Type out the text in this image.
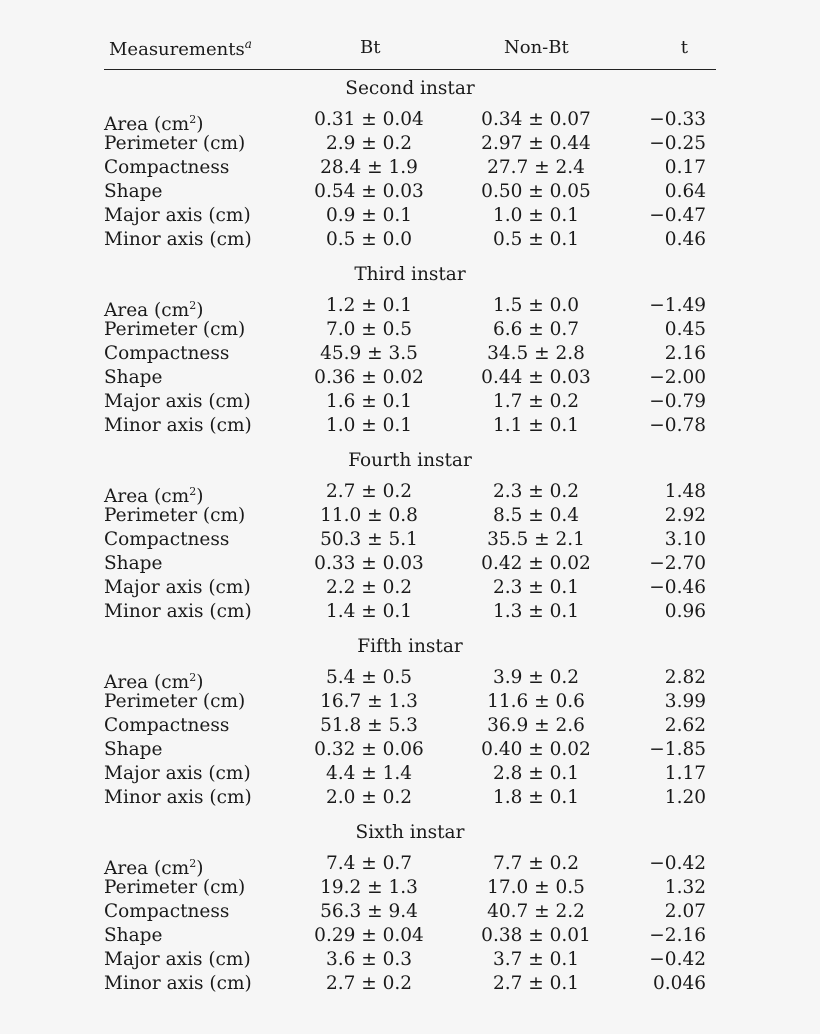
Measurements$^a$	Bt	Non-Bt	t
Second instar
Area $(cm^2)$	0.31 ± 0.04	0.34 ± 0.07	−0.33
Perimeter (cm)	2.9 ± 0.2	2.97 ± 0.44	−0.25
Compactness	28.4 ± 1.9	27.7 ± 2.4	0.17
Shape	0.54 ± 0.03	0.50 ± 0.05	0.64
Major axis (cm)	0.9 ± 0.1	1.0 ± 0.1	−0.47
Minor axis (cm)	0.5 ± 0.0	0.5 ± 0.1	0.46
Third instar
Area $(cm^2)$	1.2 ± 0.1	1.5 ± 0.0	−1.49
Perimeter (cm)	7.0 ± 0.5	6.6 ± 0.7	0.45
Compactness	45.9 ± 3.5	34.5 ± 2.8	2.16
Shape	0.36 ± 0.02	0.44 ± 0.03	−2.00
Major axis (cm)	1.6 ± 0.1	1.7 ± 0.2	−0.79
Minor axis (cm)	1.0 ± 0.1	1.1 ± 0.1	−0.78
Fourth instar
Area $(cm^2)$	2.7 ± 0.2	2.3 ± 0.2	1.48
Perimeter (cm)	11.0 ± 0.8	8.5 ± 0.4	2.92
Compactness	50.3 ± 5.1	35.5 ± 2.1	3.10
Shape	0.33 ± 0.03	0.42 ± 0.02	−2.70
Major axis (cm)	2.2 ± 0.2	2.3 ± 0.1	−0.46
Minor axis (cm)	1.4 ± 0.1	1.3 ± 0.1	0.96
Fifth instar
Area $(cm^2)$	5.4 ± 0.5	3.9 ± 0.2	2.82
Perimeter (cm)	16.7 ± 1.3	11.6 ± 0.6	3.99
Compactness	51.8 ± 5.3	36.9 ± 2.6	2.62
Shape	0.32 ± 0.06	0.40 ± 0.02	−1.85
Major axis (cm)	4.4 ± 1.4	2.8 ± 0.1	1.17
Minor axis (cm)	2.0 ± 0.2	1.8 ± 0.1	1.20
Sixth instar
Area $(cm^2)$	7.4 ± 0.7	7.7 ± 0.2	−0.42
Perimeter (cm)	19.2 ± 1.3	17.0 ± 0.5	1.32
Compactness	56.3 ± 9.4	40.7 ± 2.2	2.07
Shape	0.29 ± 0.04	0.38 ± 0.01	−2.16
Major axis (cm)	3.6 ± 0.3	3.7 ± 0.1	−0.42
Minor axis (cm)	2.7 ± 0.2	2.7 ± 0.1	0.046
